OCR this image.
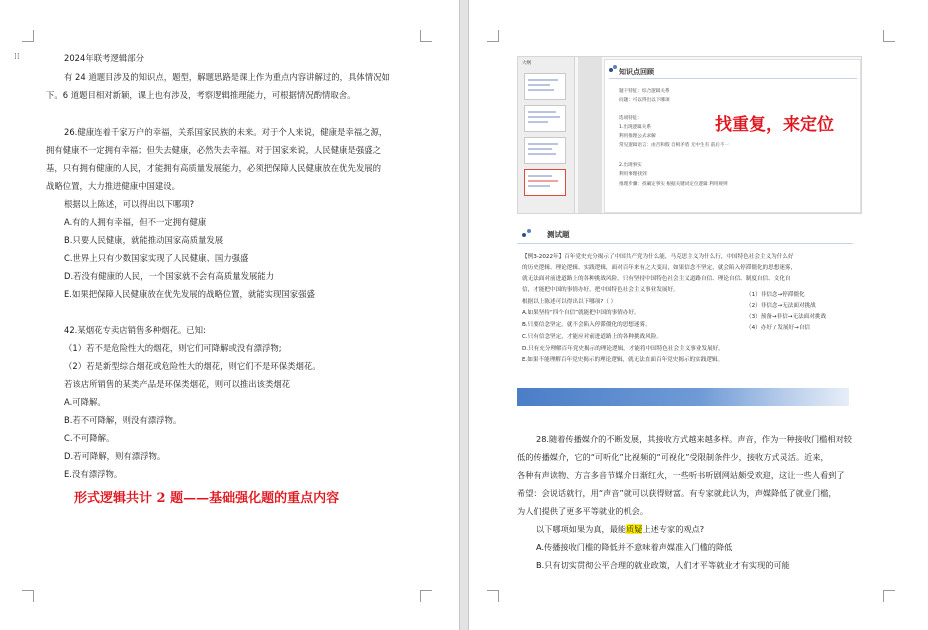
⁞⁞	2024年联考逻辑部分
有 24 道题目涉及的知识点，题型，解题思路是课上作为重点内容讲解过的，具体情况如
下。6 道题目相对新颖，课上也有涉及，考察逻辑推理能力，可根据情况酌情取舍。
26.健康连着千家万户的幸福，关系国家民族的未来。对于个人来说，健康是幸福之源，
拥有健康不一定拥有幸福；但失去健康，必然失去幸福。对于国家来说，人民健康是强盛之
基，只有拥有健康的人民，才能拥有高质量发展能力，必须把保障人民健康放在优先发展的
战略位置，大力推进健康中国建设。
根据以上陈述，可以得出以下哪项?
A.有的人拥有幸福，但不一定拥有健康
B.只要人民健康，就能推动国家高质量发展
C.世界上只有少数国家实现了人民健康、国力强盛
D.若没有健康的人民，一个国家就不会有高质量发展能力
E.如果把保障人民健康放在优先发展的战略位置，就能实现国家强盛
42.某烟花专卖店销售多种烟花。已知:
（1）若不是危险性大的烟花，则它们可降解或没有漂浮物;
（2）若是新型综合烟花或危险性大的烟花，则它们不是环保类烟花。
若该店所销售的某类产品是环保类烟花，则可以推出该类烟花
A.可降解。
B.若不可降解，则没有漂浮物。
C.不可降解。
D.若可降解，则有漂浮物。
E.没有漂浮物。
形式逻辑共计 2 题——基础强化题的重点内容
大纲
知识点回顾
题干特征：综合逻辑关系
问题：可以得出以下哪项
选项特征：
1.出现逻辑关系
利用推理公式求解
常见逻辑语言：由否和假 自相矛盾 无中生有 前后不一
2.出现事实
利用事理找到
推理步骤：找确定事实 根据关键词定位逻辑 利用规则
找重复，来定位
测试题
【例3-2022年】百年党史充分揭示了中国共产党为什么能，马克思主义为什么行，中国特色社会主义为什么好
的历史逻辑、理论逻辑、实践逻辑，面对百年来有之大变局，如果信念不坚定，就会陷入停滞僵化的思想迷雾，
就无法面对前进道路上的各种挑战风险。只有坚持中国特色社会主义道路自信、理论自信、制度自信、文化自
信，才能把中国的事情办好，把中国特色社会主义事业发展好。
根据以上陈述可以得出以下哪项?（ ）
A.如果坚持“四个自信”就能把中国的事情办好。
B.只要信念坚定，就不会陷入停滞僵化的思想迷雾。
C.只有信念坚定，才能应对前进道路上的各种挑战风险。
D.只有充分理解百年党史揭示的理论逻辑，才能将中国特色社会主义事业发展好。
E.如果不能理解百年党史揭示的理论逻辑，就无法直面百年党史揭示的实践逻辑。
（1）非信念→停滞僵化
（2）非信念→无法面对挑战
（3）预备→非信→无法面对挑战
（4）办好 / 发展好→自信
28.随着传播媒介的不断发展，其接收方式越来越多样。声音，作为一种接收门槛相对较
低的传播媒介，它的“可听化”比视频的“可视化”受限制条件少，接收方式灵活。近来，
各种有声读物、方言多音节媒介日渐红火，一些听书听剧网站颇受欢迎，这让一些人看到了
希望：会说话就行，用“声音”就可以获得财富。有专家就此认为，声媒降低了就业门槛，
为人们提供了更多平等就业的机会。
以下哪项如果为真，最能质疑上述专家的观点?
A.传播接收门槛的降低并不意味着声媒准入门槛的降低
B.只有切实贯彻公平合理的就业政策，人们才平等就业才有实现的可能
